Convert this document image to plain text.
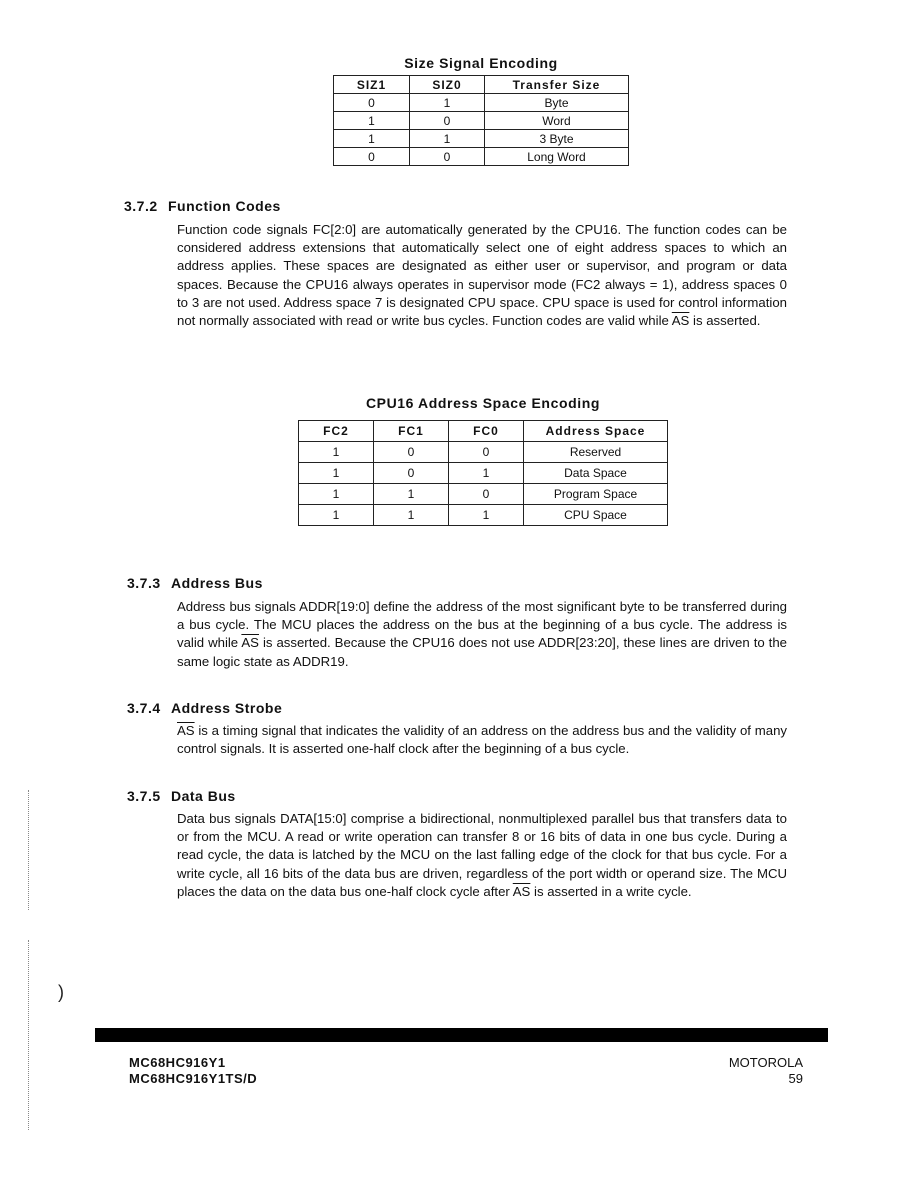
Size Signal Encoding
SIZ1	SIZ0	Transfer Size
0	1	Byte
1	0	Word
1	1	3 Byte
0	0	Long Word
3.7.2 Function Codes
Function code signals FC[2:0] are automatically generated by the CPU16. The function codes can be considered address extensions that automatically select one of eight address spaces to which an address applies. These spaces are designated as either user or supervisor, and program or data spaces. Because the CPU16 always operates in supervisor mode (FC2 always = 1), address spaces 0 to 3 are not used. Address space 7 is designated CPU space. CPU space is used for control information not normally associated with read or write bus cycles. Function codes are valid while $\overline{AS}$ is asserted.
CPU16 Address Space Encoding
FC2	FC1	FC0	Address Space
1	0	0	Reserved
1	0	1	Data Space
1	1	0	Program Space
1	1	1	CPU Space
3.7.3 Address Bus
Address bus signals ADDR[19:0] define the address of the most significant byte to be transferred during a bus cycle. The MCU places the address on the bus at the beginning of a bus cycle. The address is valid while $\overline{AS}$ is asserted. Because the CPU16 does not use ADDR[23:20], these lines are driven to the same logic state as ADDR19.
3.7.4 Address Strobe
$\overline{AS}$ is a timing signal that indicates the validity of an address on the address bus and the validity of many control signals. It is asserted one-half clock after the beginning of a bus cycle.
3.7.5 Data Bus
Data bus signals DATA[15:0] comprise a bidirectional, nonmultiplexed parallel bus that transfers data to or from the MCU. A read or write operation can transfer 8 or 16 bits of data in one bus cycle. During a read cycle, the data is latched by the MCU on the last falling edge of the clock for that bus cycle. For a write cycle, all 16 bits of the data bus are driven, regardless of the port width or operand size. The MCU places the data on the data bus one-half clock cycle after $\overline{AS}$ is asserted in a write cycle.
)
MC68HC916Y1
MC68HC916Y1TS/D
MOTOROLA
59
